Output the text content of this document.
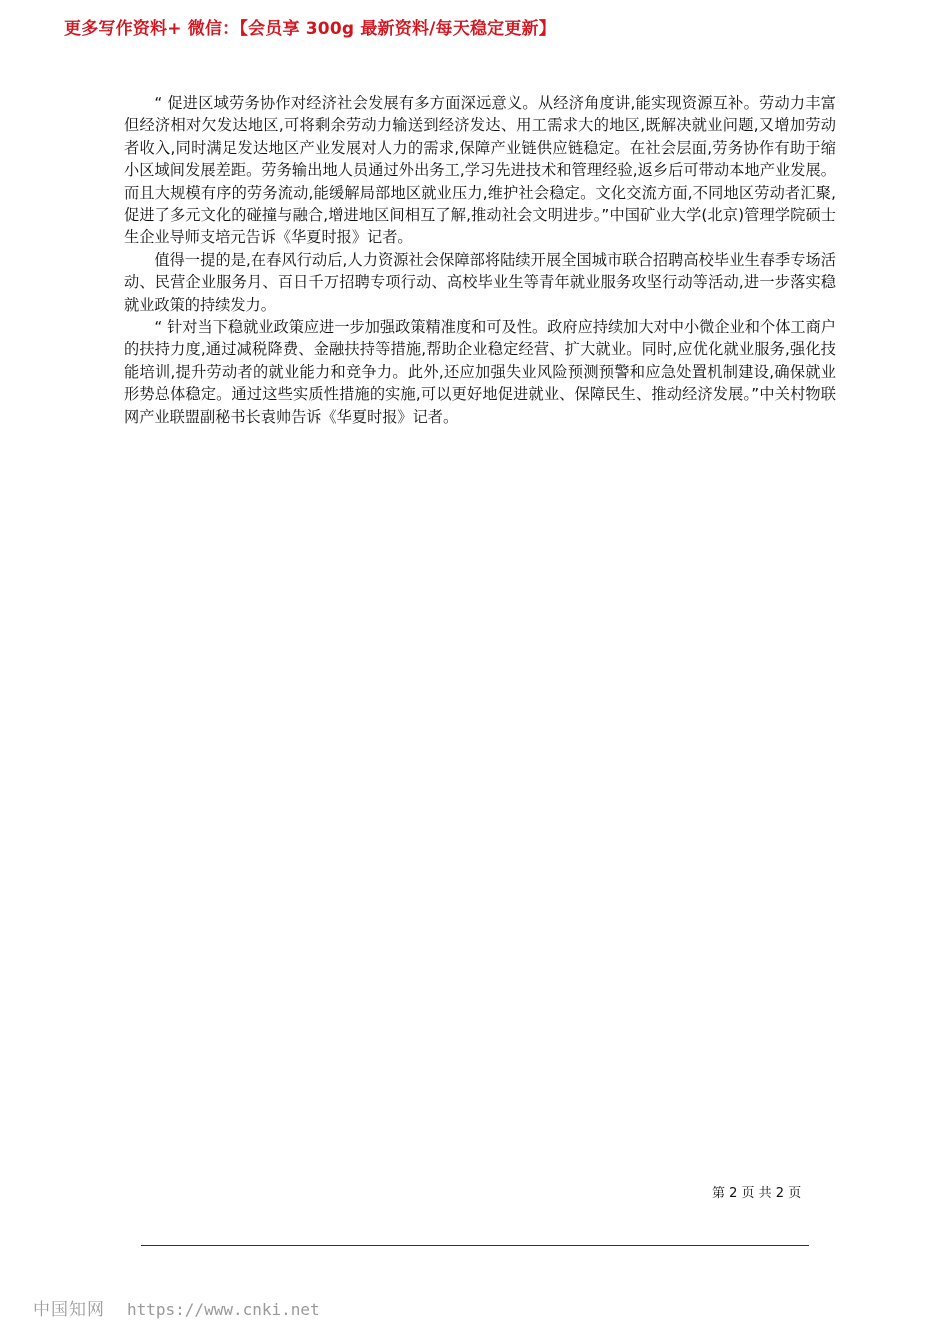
更多写作资料+ 微信：【会员享 300g 最新资料/每天稳定更新】

“ 促进区域劳务协作对经济社会发展有多方面深远意义。从经济角度讲,能实现资源互补。劳动力丰富但经济相对欠发达地区,可将剩余劳动力输送到经济发达、用工需求大的地区,既解决就业问题,又增加劳动者收入,同时满足发达地区产业发展对人力的需求,保障产业链供应链稳定。在社会层面,劳务协作有助于缩小区域间发展差距。劳务输出地人员通过外出务工,学习先进技术和管理经验,返乡后可带动本地产业发展。而且大规模有序的劳务流动,能缓解局部地区就业压力,维护社会稳定。文化交流方面,不同地区劳动者汇聚,促进了多元文化的碰撞与融合,增进地区间相互了解,推动社会文明进步。”中国矿业大学(北京)管理学院硕士生企业导师支培元告诉《华夏时报》记者。

值得一提的是,在春风行动后,人力资源社会保障部将陆续开展全国城市联合招聘高校毕业生春季专场活动、民营企业服务月、百日千万招聘专项行动、高校毕业生等青年就业服务攻坚行动等活动,进一步落实稳就业政策的持续发力。

“ 针对当下稳就业政策应进一步加强政策精准度和可及性。政府应持续加大对中小微企业和个体工商户的扶持力度,通过减税降费、金融扶持等措施,帮助企业稳定经营、扩大就业。同时,应优化就业服务,强化技能培训,提升劳动者的就业能力和竞争力。此外,还应加强失业风险预测预警和应急处置机制建设,确保就业形势总体稳定。通过这些实质性措施的实施,可以更好地促进就业、保障民生、推动经济发展。”中关村物联网产业联盟副秘书长袁帅告诉《华夏时报》记者。

第 2 页 共 2 页
中国知网 https://www.cnki.net
